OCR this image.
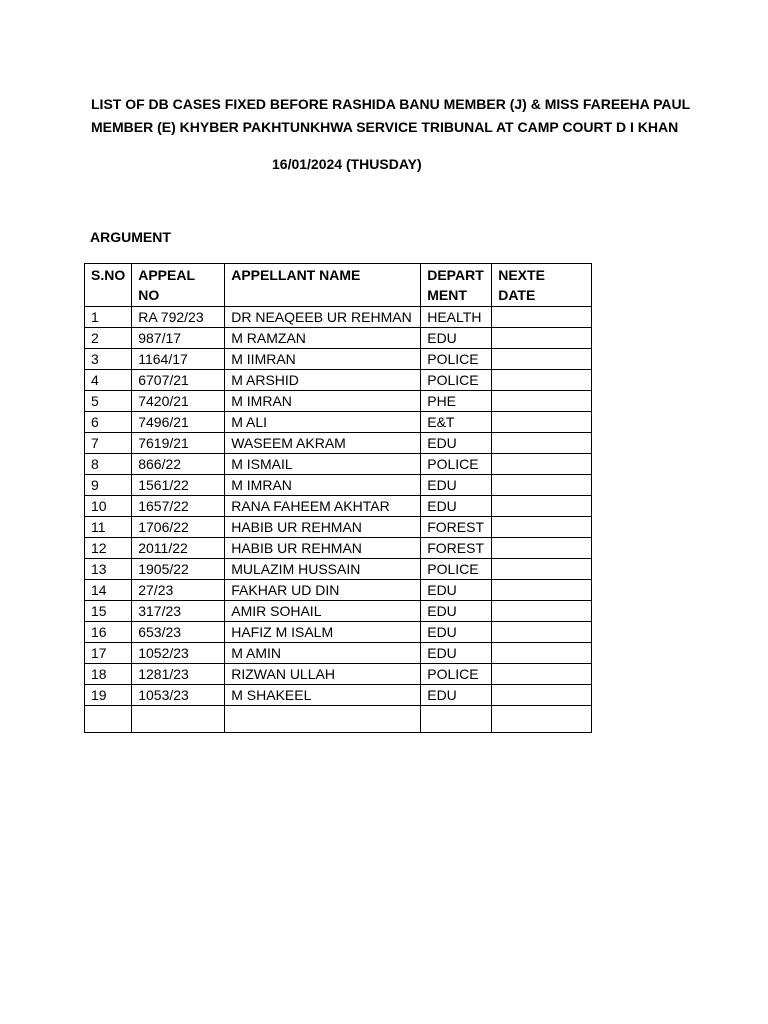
LIST OF DB CASES FIXED BEFORE RASHIDA BANU MEMBER (J) & MISS FAREEHA PAUL
MEMBER (E) KHYBER PAKHTUNKHWA SERVICE TRIBUNAL AT CAMP COURT D I KHAN
16/01/2024 (THUSDAY)
ARGUMENT
S.NO	APPEAL NO	APPELLANT NAME	DEPART MENT	NEXTE DATE
1	RA 792/23	DR NEAQEEB UR REHMAN	HEALTH	
2	987/17	M RAMZAN	EDU	
3	1164/17	M IIMRAN	POLICE	
4	6707/21	M ARSHID	POLICE	
5	7420/21	M IMRAN	PHE	
6	7496/21	M ALI	E&T	
7	7619/21	WASEEM AKRAM	EDU	
8	866/22	M ISMAIL	POLICE	
9	1561/22	M IMRAN	EDU	
10	1657/22	RANA FAHEEM AKHTAR	EDU	
11	1706/22	HABIB UR REHMAN	FOREST	
12	2011/22	HABIB UR REHMAN	FOREST	
13	1905/22	MULAZIM HUSSAIN	POLICE	
14	27/23	FAKHAR UD DIN	EDU	
15	317/23	AMIR SOHAIL	EDU	
16	653/23	HAFIZ M ISALM	EDU	
17	1052/23	M AMIN	EDU	
18	1281/23	RIZWAN ULLAH	POLICE	
19	1053/23	M SHAKEEL	EDU	
